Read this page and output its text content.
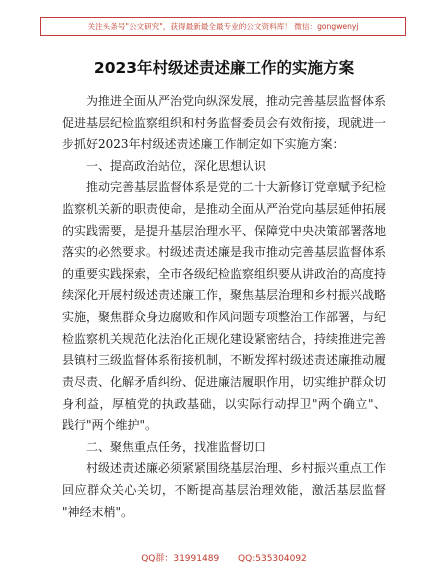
关注头条号"公文研究"，获得最新最全最专业的公文资料库！ 微信：gongwenyj
2023年村级述责述廉工作的实施方案
为推进全面从严治党向纵深发展，推动完善基层监督体系
促进基层纪检监察组织和村务监督委员会有效衔接，现就进一
步抓好2023年村级述责述廉工作制定如下实施方案：
一、提高政治站位，深化思想认识
推动完善基层监督体系是党的二十大新修订党章赋予纪检
监察机关新的职责使命，是推动全面从严治党向基层延伸拓展
的实践需要，是提升基层治理水平、保障党中央决策部署落地
落实的必然要求。村级述责述廉是我市推动完善基层监督体系
的重要实践探索，全市各级纪检监察组织要从讲政治的高度持
续深化开展村级述责述廉工作，聚焦基层治理和乡村振兴战略
实施，聚焦群众身边腐败和作风问题专项整治工作部署，与纪
检监察机关规范化法治化正规化建设紧密结合，持续推进完善
县镇村三级监督体系衔接机制，不断发挥村级述责述廉推动履
责尽责、化解矛盾纠纷、促进廉洁履职作用，切实维护群众切
身利益，厚植党的执政基础，以实际行动捍卫"两个确立"、
践行"两个维护"。
二、聚焦重点任务，找准监督切口
村级述责述廉必须紧紧围绕基层治理、乡村振兴重点工作
回应群众关心关切，不断提高基层治理效能，激活基层监督
"神经末梢"。
QQ群：31991489 QQ:535304092
